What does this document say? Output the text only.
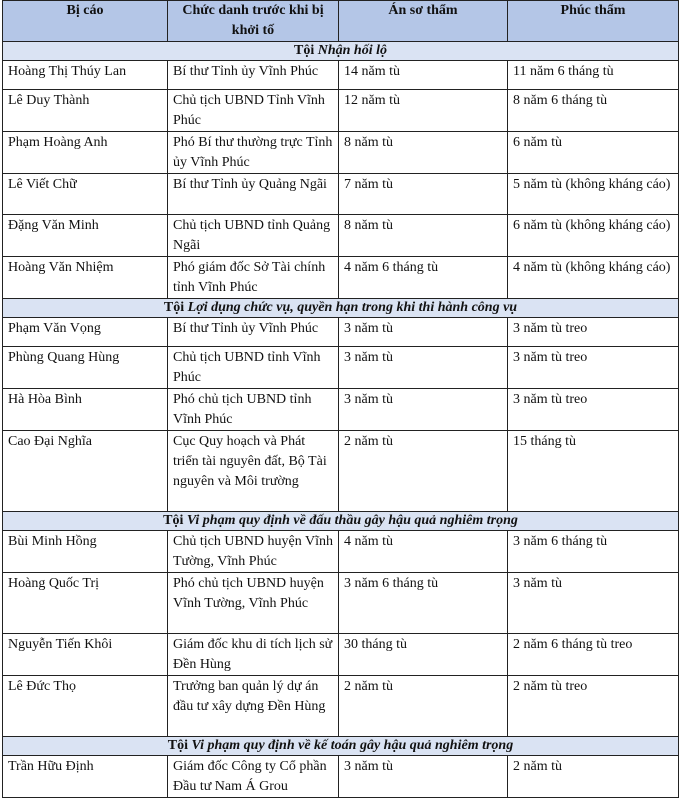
Bị cáo	Chức danh trước khi bị khởi tố	Án sơ thẩm	Phúc thẩm
Tội Nhận hối lộ			
Hoàng Thị Thúy Lan	Bí thư Tỉnh ủy Vĩnh Phúc	14 năm tù	11 năm 6 tháng tù
Lê Duy Thành	Chủ tịch UBND Tỉnh Vĩnh Phúc	12 năm tù	8 năm 6 tháng tù
Phạm Hoàng Anh	Phó Bí thư thường trực Tỉnh ủy Vĩnh Phúc	8 năm tù	6 năm tù
Lê Viết Chữ	Bí thư Tỉnh ủy Quảng Ngãi	7 năm tù	5 năm tù (không kháng cáo)
Đặng Văn Minh	Chủ tịch UBND tỉnh Quảng Ngãi	8 năm tù	6 năm tù (không kháng cáo)
Hoàng Văn Nhiệm	Phó giám đốc Sở Tài chính tỉnh Vĩnh Phúc	4 năm 6 tháng tù	4 năm tù (không kháng cáo)
Tội Lợi dụng chức vụ, quyền hạn trong khi thi hành công vụ			
Phạm Văn Vọng	Bí thư Tỉnh ủy Vĩnh Phúc	3 năm tù	3 năm tù treo
Phùng Quang Hùng	Chủ tịch UBND tỉnh Vĩnh Phúc	3 năm tù	3 năm tù treo
Hà Hòa Bình	Phó chủ tịch UBND tỉnh Vĩnh Phúc	3 năm tù	3 năm tù treo
Cao Đại Nghĩa	Cục Quy hoạch và Phát triển tài nguyên đất, Bộ Tài nguyên và Môi trường	2 năm tù	15 tháng tù
Tội Vi phạm quy định về đấu thầu gây hậu quả nghiêm trọng			
Bùi Minh Hồng	Chủ tịch UBND huyện Vĩnh Tường, Vĩnh Phúc	4 năm tù	3 năm 6 tháng tù
Hoàng Quốc Trị	Phó chủ tịch UBND huyện Vĩnh Tường, Vĩnh Phúc	3 năm 6 tháng tù	3 năm tù
Nguyễn Tiến Khôi	Giám đốc khu di tích lịch sử Đền Hùng	30 tháng tù	2 năm 6 tháng tù treo
Lê Đức Thọ	Trưởng ban quản lý dự án đầu tư xây dựng Đền Hùng	2 năm tù	2 năm tù treo
Tội Vi phạm quy định về kế toán gây hậu quả nghiêm trọng			
Trần Hữu Định	Giám đốc Công ty Cổ phần Đầu tư Nam Á Grou	3 năm tù	2 năm tù
